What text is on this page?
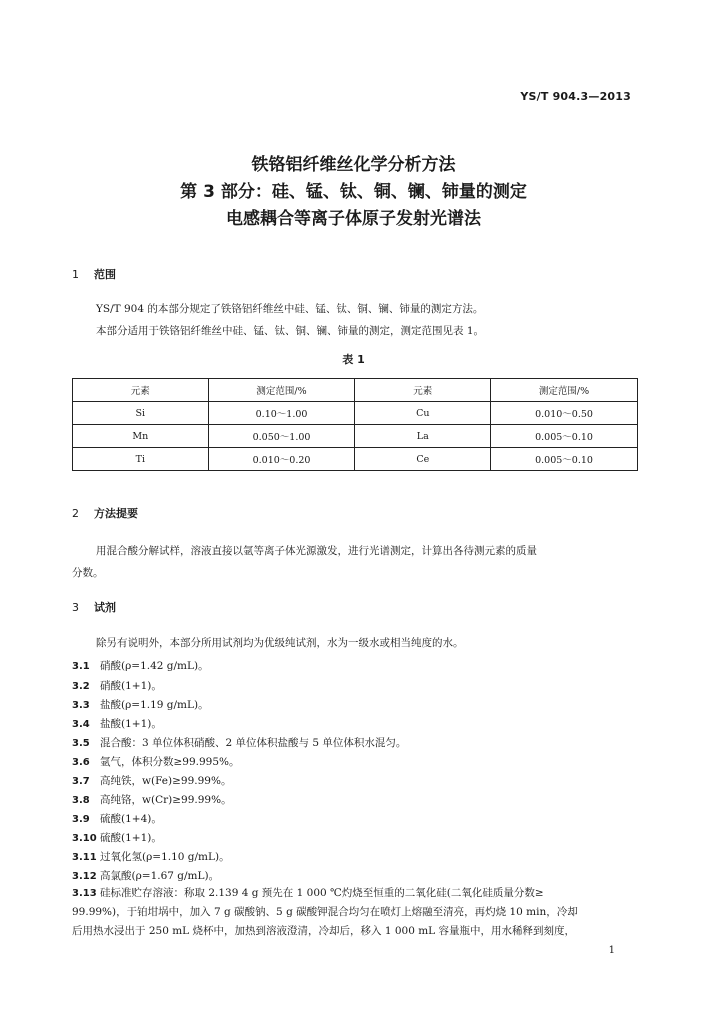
YS/T 904.3—2013
铁铬铝纤维丝化学分析方法
第 3 部分：硅、锰、钛、铜、镧、铈量的测定
电感耦合等离子体原子发射光谱法
1 范围
YS/T 904 的本部分规定了铁铬铝纤维丝中硅、锰、钛、铜、镧、铈量的测定方法。
本部分适用于铁铬铝纤维丝中硅、锰、钛、铜、镧、铈量的测定，测定范围见表 1。
表 1
元素	测定范围/%	元素	测定范围/%
Si	0.10～1.00	Cu	0.010～0.50
Mn	0.050～1.00	La	0.005～0.10
Ti	0.010～0.20	Ce	0.005～0.10
2 方法提要
用混合酸分解试样，溶液直接以氩等离子体光源激发，进行光谱测定，计算出各待测元素的质量
分数。
3 试剂
除另有说明外，本部分所用试剂均为优级纯试剂，水为一级水或相当纯度的水。
3.1 硝酸(ρ=1.42 g/mL)。
3.2 硝酸(1+1)。
3.3 盐酸(ρ=1.19 g/mL)。
3.4 盐酸(1+1)。
3.5 混合酸：3 单位体积硝酸、2 单位体积盐酸与 5 单位体积水混匀。
3.6 氩气，体积分数≥99.995%。
3.7 高纯铁，w(Fe)≥99.99%。
3.8 高纯铬，w(Cr)≥99.99%。
3.9 硫酸(1+4)。
3.10 硫酸(1+1)。
3.11 过氧化氢(ρ=1.10 g/mL)。
3.12 高氯酸(ρ=1.67 g/mL)。
3.13 硅标准贮存溶液：称取 2.139 4 g 预先在 1 000 ℃灼烧至恒重的二氧化硅(二氧化硅质量分数≥
99.99%)，于铂坩埚中，加入 7 g 碳酸钠、5 g 碳酸钾混合均匀在喷灯上熔融至清亮，再灼烧 10 min，冷却
后用热水浸出于 250 mL 烧杯中，加热到溶液澄清，冷却后，移入 1 000 mL 容量瓶中，用水稀释到刻度，
1
